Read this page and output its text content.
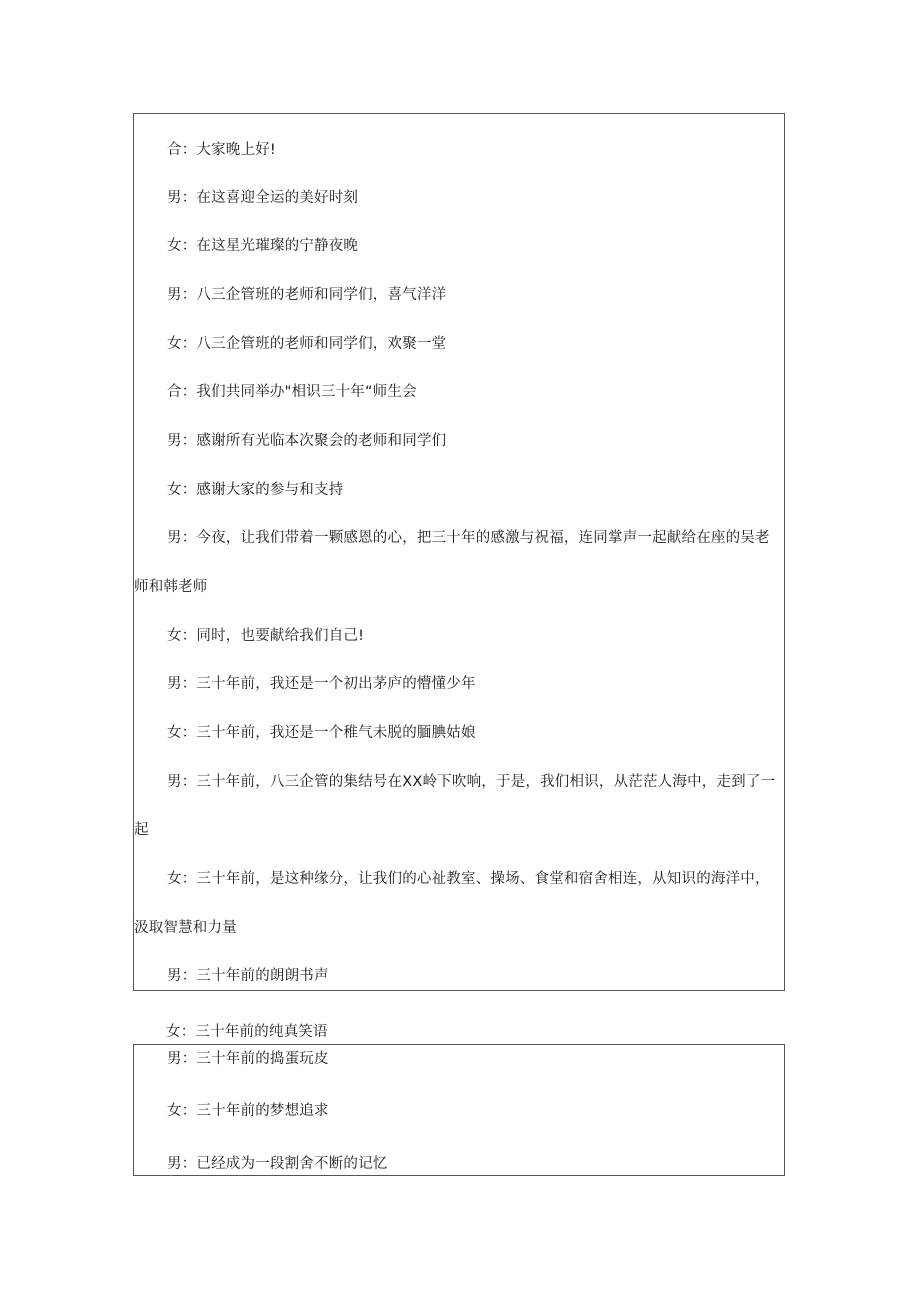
合：大家晚上好!
男：在这喜迎全运的美好时刻
女：在这星光璀璨的宁静夜晚
男：八三企管班的老师和同学们，喜气洋洋
女：八三企管班的老师和同学们，欢聚一堂
合：我们共同举办"相识三十年“师生会
男：感谢所有光临本次聚会的老师和同学们
女：感谢大家的参与和支持
男：今夜，让我们带着一颗感恩的心，把三十年的感激与祝福，连同掌声一起献给在座的吴老
师和韩老师
女：同时，也要献给我们自己!
男：三十年前，我还是一个初出茅庐的懵懂少年
女：三十年前，我还是一个稚气未脱的腼腆姑娘
男：三十年前，八三企管的集结号在XX岭下吹响，于是，我们相识，从茫茫人海中，走到了一
起
女：三十年前，是这种缘分，让我们的心祉教室、操场、食堂和宿舍相连，从知识的海洋中，
汲取智慧和力量
男：三十年前的朗朗书声
女：三十年前的纯真笑语
男：三十年前的捣蛋玩皮
女：三十年前的梦想追求
男：已经成为一段割舍不断的记忆
